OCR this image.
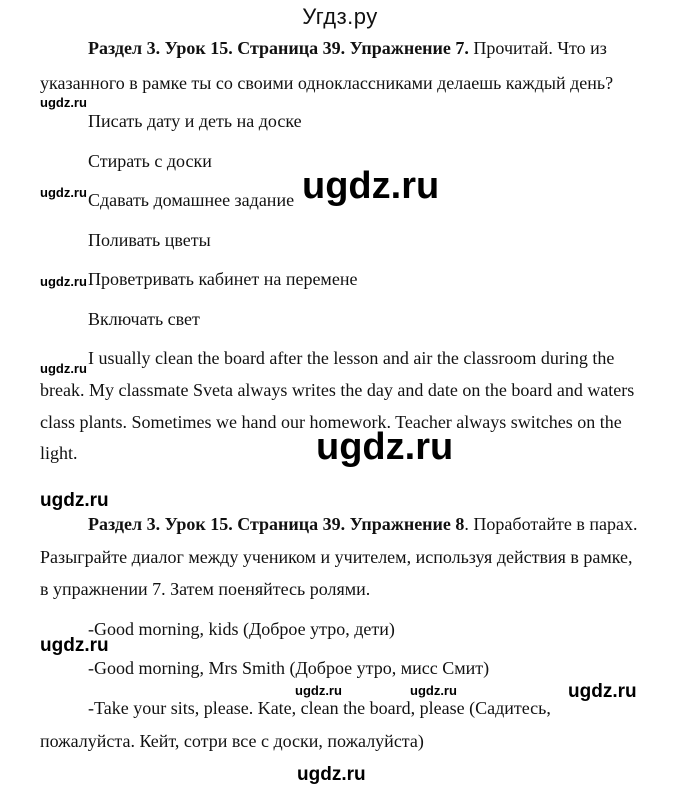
Угдз.ру
Раздел 3. Урок 15. Страница 39. Упражнение 7. Прочитай. Что из
указанного в рамке ты со своими одноклассниками делаешь каждый день?
Писать дату и деть на доске
Стирать с доски
Сдавать домашнее задание
Поливать цветы
Проветривать кабинет на перемене
Включать свет
I usually clean the board after the lesson and air the classroom during the
break. My classmate Sveta always writes the day and date on the board and waters
class plants. Sometimes we hand our homework. Teacher always switches on the
light.
Раздел 3. Урок 15. Страница 39. Упражнение 8. Поработайте в парах.
Разыграйте диалог между учеником и учителем, используя действия в рамке,
в упражнении 7. Затем поеняйтесь ролями.
-Good morning, kids (Доброе утро, дети)
-Good morning, Mrs Smith (Доброе утро, мисс Смит)
-Take your sits, please. Kate, clean the board, please (Садитесь,
пожалуйста. Кейт, сотри все с доски, пожалуйста)
ugdz.ru
ugdz.ru
ugdz.ru
ugdz.ru
ugdz.ru
ugdz.ru
ugdz.ru
ugdz.ru
ugdz.ru	ugdz.ru	ugdz.ru
ugdz.ru
